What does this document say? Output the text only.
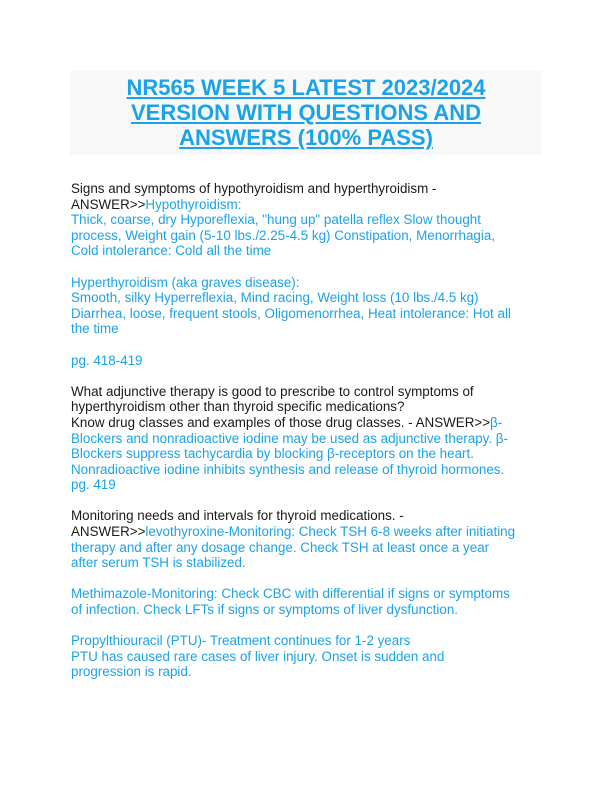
NR565 WEEK 5 LATEST 2023/2024
VERSION WITH QUESTIONS AND
ANSWERS (100% PASS)

Signs and symptoms of hypothyroidism and hyperthyroidism -

ANSWER>>Hypothyroidism:

Thick, coarse, dry Hyporeflexia, "hung up" patella reflex Slow thought

process, Weight gain (5-10 lbs./2.25-4.5 kg) Constipation, Menorrhagia,

Cold intolerance: Cold all the time

Hyperthyroidism (aka graves disease):

Smooth, silky Hyperreflexia, Mind racing, Weight loss (10 lbs./4.5 kg)

Diarrhea, loose, frequent stools, Oligomenorrhea, Heat intolerance: Hot all

the time

pg. 418-419

What adjunctive therapy is good to prescribe to control symptoms of

hyperthyroidism other than thyroid specific medications?

Know drug classes and examples of those drug classes. - ANSWER>>β-

Blockers and nonradioactive iodine may be used as adjunctive therapy. β-

Blockers suppress tachycardia by blocking β-receptors on the heart.

Nonradioactive iodine inhibits synthesis and release of thyroid hormones.

pg. 419

Monitoring needs and intervals for thyroid medications. -

ANSWER>>levothyroxine-Monitoring: Check TSH 6-8 weeks after initiating

therapy and after any dosage change. Check TSH at least once a year

after serum TSH is stabilized.

Methimazole-Monitoring: Check CBC with differential if signs or symptoms

of infection. Check LFTs if signs or symptoms of liver dysfunction.

Propylthiouracil (PTU)- Treatment continues for 1-2 years

PTU has caused rare cases of liver injury. Onset is sudden and

progression is rapid.
